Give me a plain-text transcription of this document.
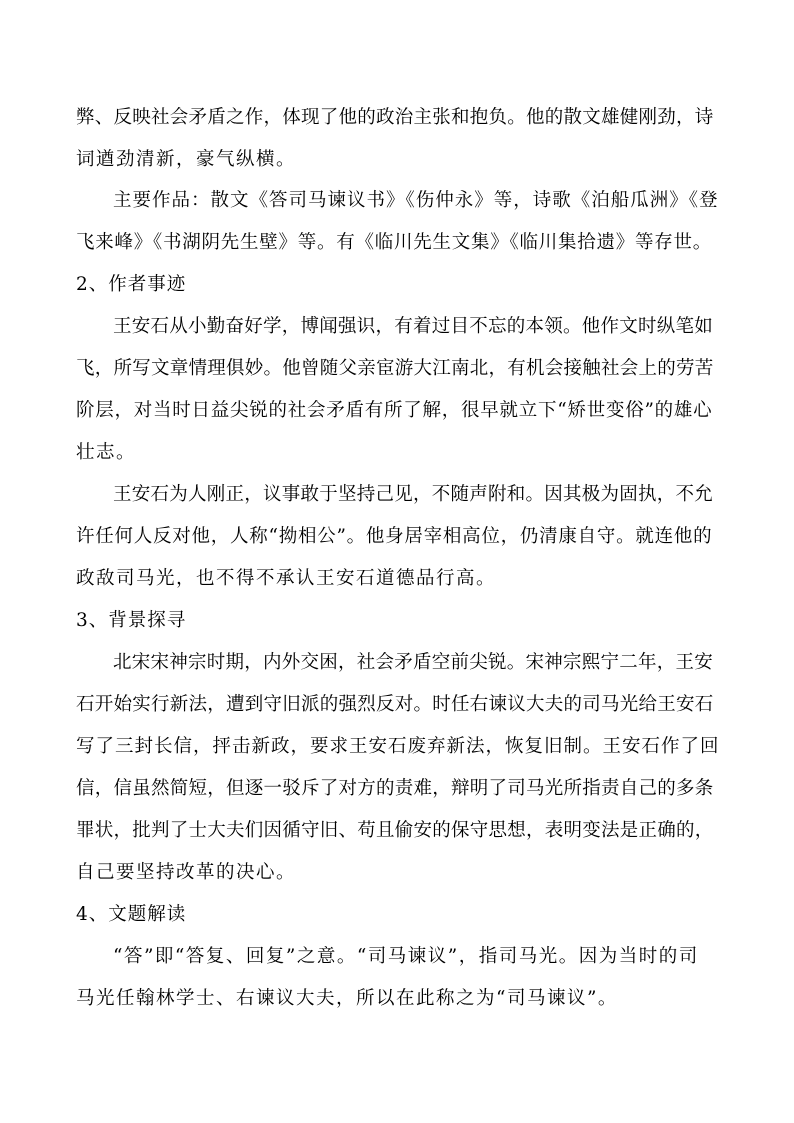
弊、反映社会矛盾之作，体现了他的政治主张和抱负。他的散文雄健刚劲，诗
词遒劲清新，豪气纵横。
主要作品：散文《答司马谏议书》《伤仲永》等，诗歌《泊船瓜洲》《登
飞来峰》《书湖阴先生壁》等。有《临川先生文集》《临川集拾遗》等存世。
2、作者事迹
王安石从小勤奋好学，博闻强识，有着过目不忘的本领。他作文时纵笔如
飞，所写文章情理俱妙。他曾随父亲宦游大江南北，有机会接触社会上的劳苦
阶层，对当时日益尖锐的社会矛盾有所了解，很早就立下“矫世变俗”的雄心
壮志。
王安石为人刚正，议事敢于坚持己见，不随声附和。因其极为固执，不允
许任何人反对他，人称“拗相公”。他身居宰相高位，仍清康自守。就连他的
政敌司马光，也不得不承认王安石道德品行高。
3、背景探寻
北宋宋神宗时期，内外交困，社会矛盾空前尖锐。宋神宗熙宁二年，王安
石开始实行新法，遭到守旧派的强烈反对。时任右谏议大夫的司马光给王安石
写了三封长信，抨击新政，要求王安石废弃新法，恢复旧制。王安石作了回
信，信虽然简短，但逐一驳斥了对方的责难，辩明了司马光所指责自己的多条
罪状，批判了士大夫们因循守旧、苟且偷安的保守思想，表明变法是正确的，
自己要坚持改革的决心。
4、文题解读
“答”即“答复、回复”之意。“司马谏议”，指司马光。因为当时的司
马光任翰林学士、右谏议大夫，所以在此称之为“司马谏议”。
